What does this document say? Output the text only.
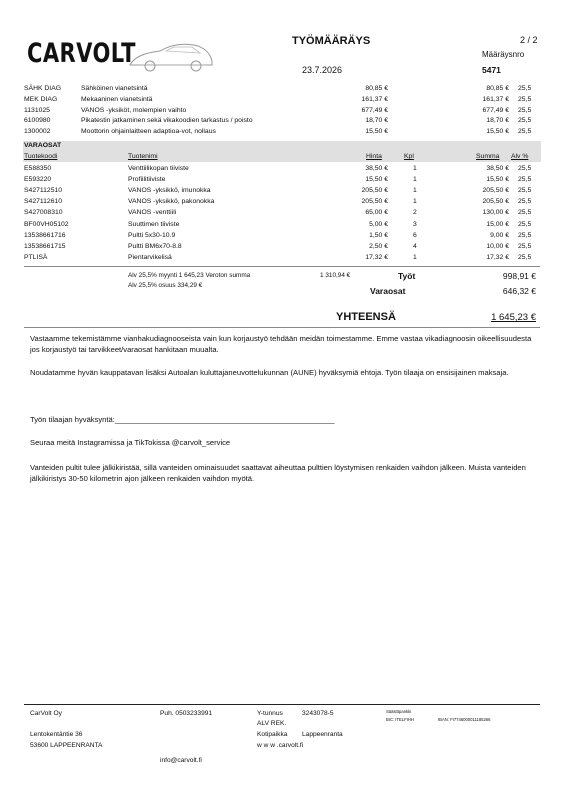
CARVOLT	TYÖMÄÄRÄYS	2 / 2
Määräysnro
23.7.2026	5471
SÄHK DIAG	Sähköinen vianetsintä	80,85 €	80,85 € 25,5
MEK DIAG	Mekaaninen vianetsintä	161,37 €	161,37 € 25,5
1131025	VANOS -yksiköt, molempien vaihto	677,49 €	677,49 € 25,5
6100980	Pikatestin jatkaminen sekä vikakoodien tarkastus / poisto	18,70 €	18,70 € 25,5
1300002	Moottorin ohjainlaitteen adaptioa-vot, nollaus	15,50 €	15,50 € 25,5
VARAOSAT
Tuotekoodi	Tuotenimi	Hinta	Kpl	Summa Alv %
E588350	Venttiilikopan tiiviste	38,50 €	1	38,50 € 25,5
E593220	Profiilitiiviste	15,50 €	1	15,50 € 25,5
S427112510	VANOS -yksikkö, imunokka	205,50 €	1	205,50 € 25,5
S427112610	VANOS -yksikkö, pakonokka	205,50 €	1	205,50 € 25,5
S427008310	VANOS -venttiili	65,00 €	2	130,00 € 25,5
BF00VH05102	Suuttimen tiiviste	5,00 €	3	15,00 € 25,5
13538661716	Pultti 5x30-10.9	1,50 €	6	9,00 € 25,5
13538661715	Pultti BM6x70-8.8	2,50 €	4	10,00 € 25,5
PTLISÄ	Pientarvikelisä	17,32 €	1	17,32 € 25,5
Alv 25,5% myynti 1 645,23 Veroton summa	1 310,94 €
Alv 25,5% osuus 334,29 €
Työt	998,91 €
Varaosat	646,32 €
YHTEENSÄ	1 645,23 €
Vastaamme tekemistämme vianhakudiagnooseista vain kun korjaustyö tehdään meidän toimestamme. Emme vastaa vikadiagnoosin oikeellisuudesta jos korjaustyö tai tarvikkeet/varaosat hankitaan muualta.
Noudatamme hyvän kauppatavan lisäksi Autoalan kuluttajaneuvottelukunnan (AUNE) hyväksymiä ehtoja. Työn tilaaja on ensisijainen maksaja.
Työn tilaajan hyväksyntä:____________________________________________________
Seuraa meitä Instagramissa ja TikTokissa @carvolt_service
Vanteiden pultit tulee jälkikiristää, sillä vanteiden ominaisuudet saattavat aiheuttaa pulttien löystymisen renkaiden vaihdon jälkeen. Muista vanteiden jälkikiristys 30-50 kilometrin ajon jälkeen renkaiden vaihdon myötä.
CarVolt Oy
Lentokentäntie 36
53600 LAPPEENRANTA
Puh. 0503233991
info@carvolt.fi
Y-tunnus	3243078-5
ALV REK.
Kotipaikka Lappeenranta
w w w .carvolt.fi
Säästöpankki
BIC: ITELFIHH	IBAN: FI7746000011185266
